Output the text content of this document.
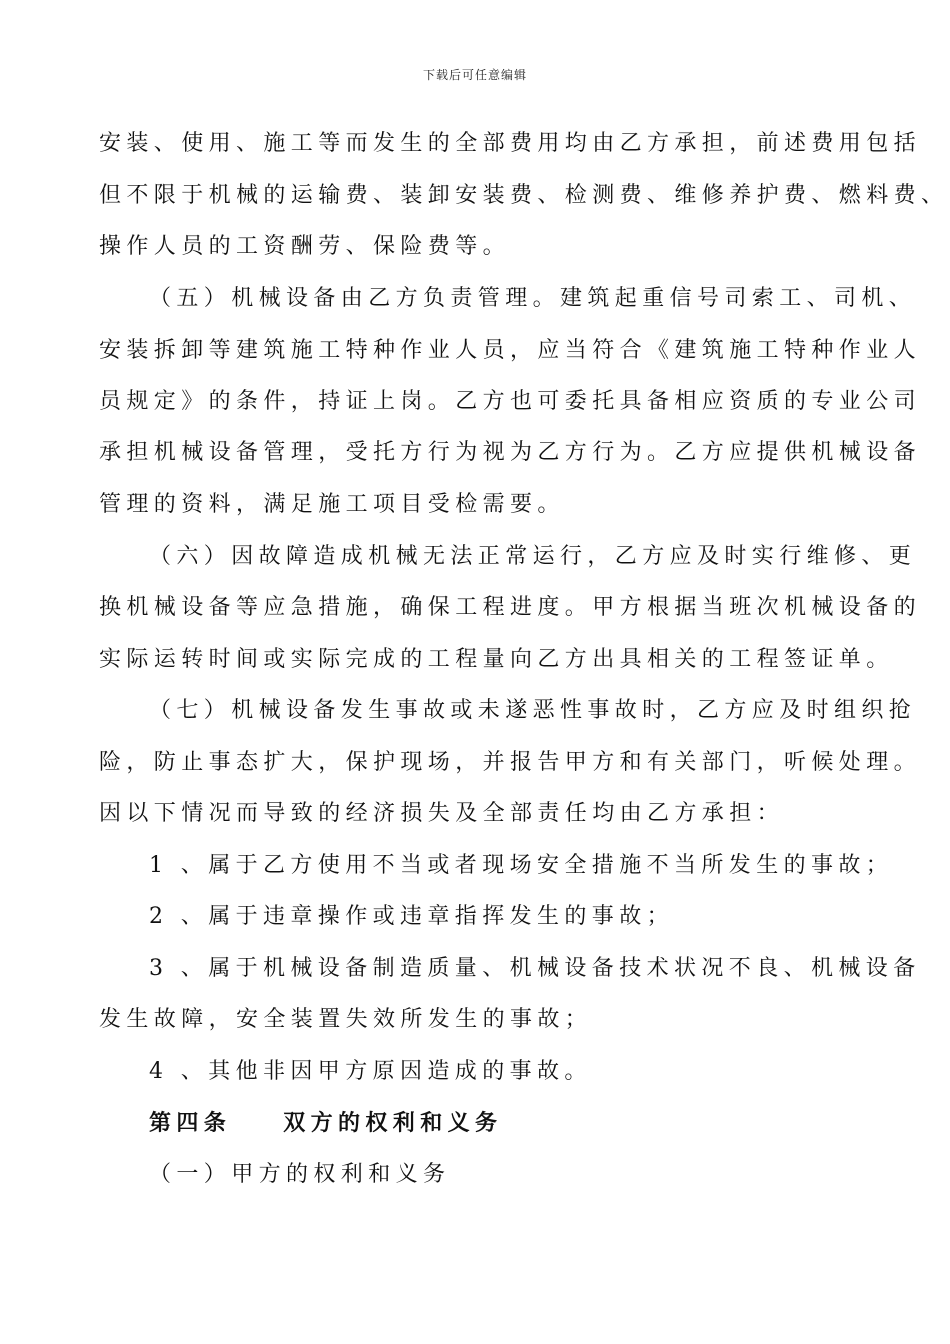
下载后可任意编辑
安装、使用、施工等而发生的全部费用均由乙方承担，前述费用包括
但不限于机械的运输费、装卸安装费、检测费、维修养护费、燃料费、
操作人员的工资酬劳、保险费等。
（五）机械设备由乙方负责管理。建筑起重信号司索工、司机、
安装拆卸等建筑施工特种作业人员，应当符合《建筑施工特种作业人
员规定》的条件，持证上岗。乙方也可委托具备相应资质的专业公司
承担机械设备管理，受托方行为视为乙方行为。乙方应提供机械设备
管理的资料，满足施工项目受检需要。
（六）因故障造成机械无法正常运行，乙方应及时实行维修、更
换机械设备等应急措施，确保工程进度。甲方根据当班次机械设备的
实际运转时间或实际完成的工程量向乙方出具相关的工程签证单。
（七）机械设备发生事故或未遂恶性事故时，乙方应及时组织抢
险，防止事态扩大，保护现场，并报告甲方和有关部门，听候处理。
因以下情况而导致的经济损失及全部责任均由乙方承担：
1 、属于乙方使用不当或者现场安全措施不当所发生的事故；
2 、属于违章操作或违章指挥发生的事故；
3 、属于机械设备制造质量、机械设备技术状况不良、机械设备
发生故障，安全装置失效所发生的事故；
4 、其他非因甲方原因造成的事故。
第四条 双方的权利和义务
（一）甲方的权利和义务
